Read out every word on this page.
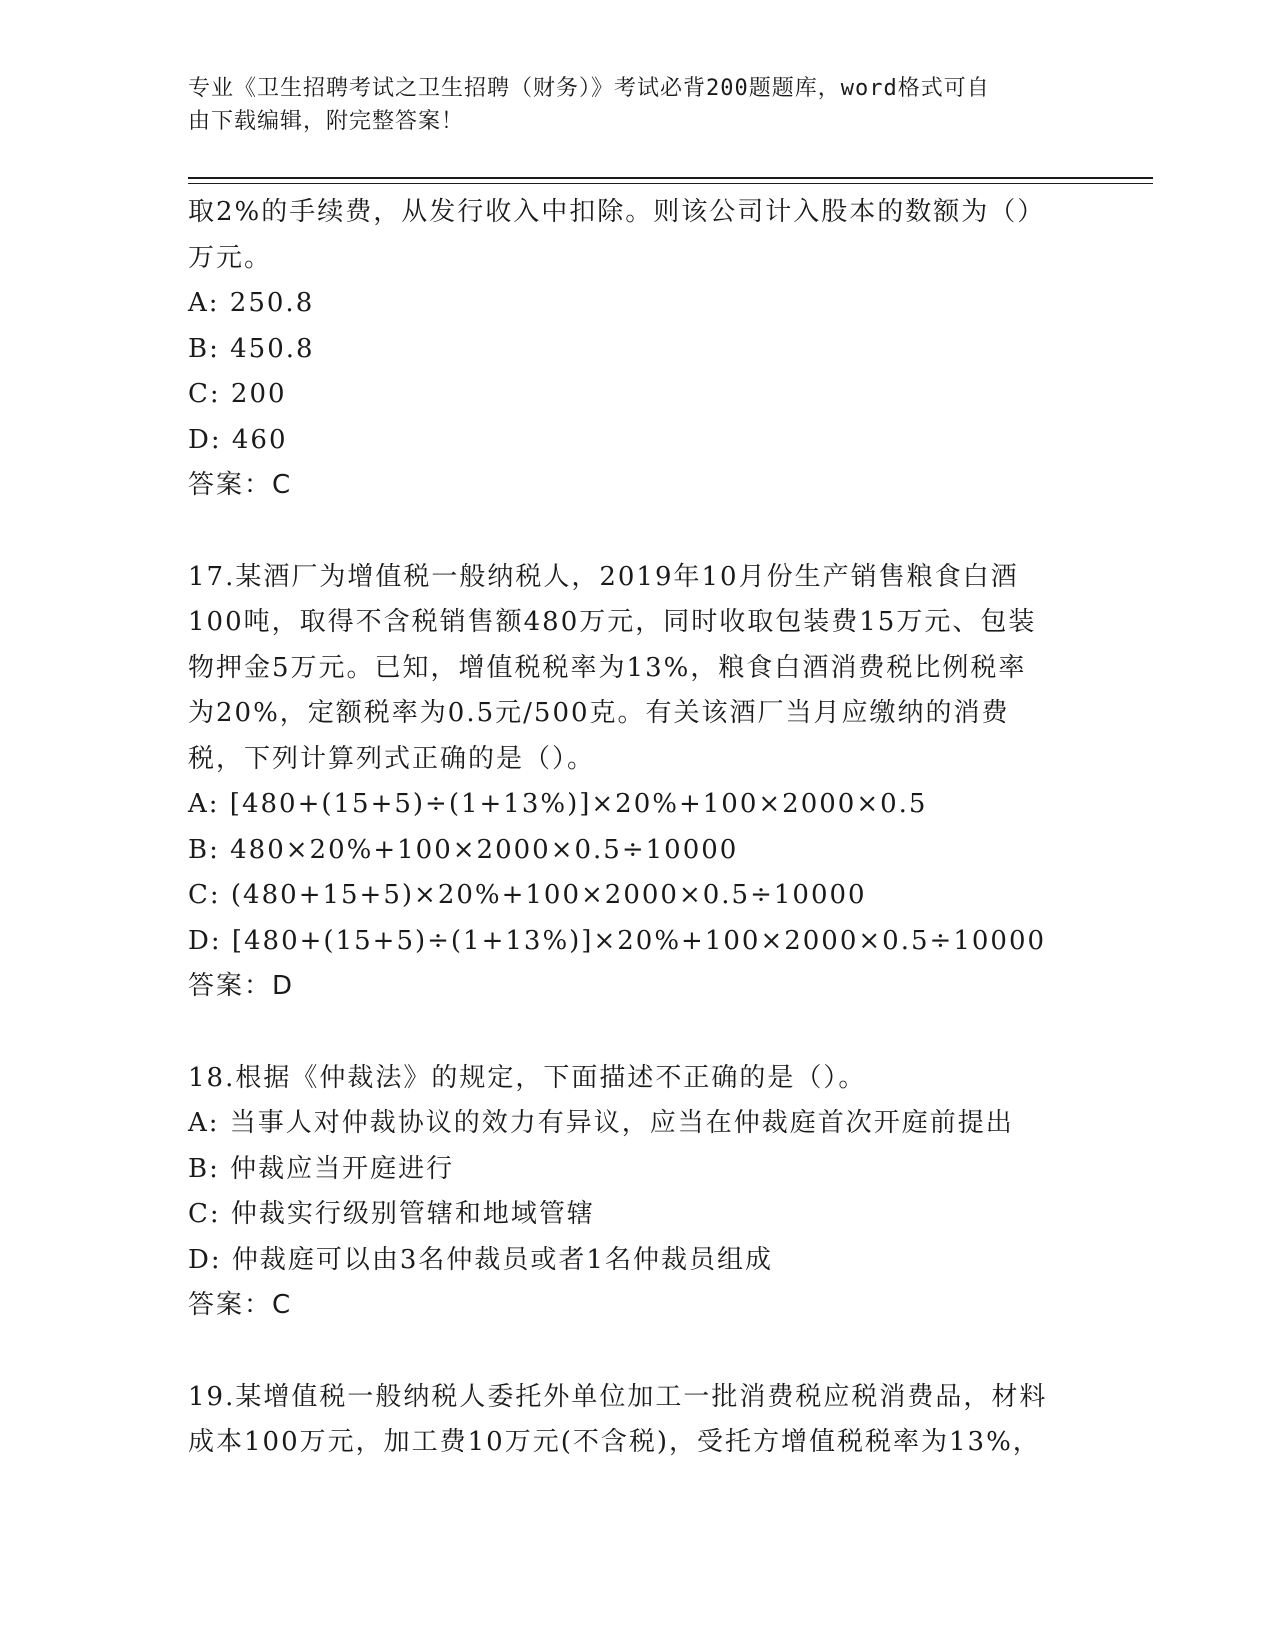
专业《卫生招聘考试之卫生招聘（财务）》考试必背200题题库，word格式可自
由下载编辑，附完整答案！
取2%的手续费，从发行收入中扣除。则该公司计入股本的数额为（）
万元。
A: 250.8
B: 450.8
C: 200
D: 460
答案：C
17.某酒厂为增值税一般纳税人，2019年10月份生产销售粮食白酒
100吨，取得不含税销售额480万元，同时收取包装费15万元、包装
物押金5万元。已知，增值税税率为13%，粮食白酒消费税比例税率
为20%，定额税率为0.5元/500克。有关该酒厂当月应缴纳的消费
税，下列计算列式正确的是（）。
A: [480+(15+5)÷(1+13%)]×20%+100×2000×0.5
B: 480×20%+100×2000×0.5÷10000
C: (480+15+5)×20%+100×2000×0.5÷10000
D: [480+(15+5)÷(1+13%)]×20%+100×2000×0.5÷10000
答案：D
18.根据《仲裁法》的规定，下面描述不正确的是（）。
A: 当事人对仲裁协议的效力有异议，应当在仲裁庭首次开庭前提出
B: 仲裁应当开庭进行
C: 仲裁实行级别管辖和地域管辖
D: 仲裁庭可以由3名仲裁员或者1名仲裁员组成
答案：C
19.某增值税一般纳税人委托外单位加工一批消费税应税消费品，材料
成本100万元，加工费10万元(不含税)，受托方增值税税率为13%，
